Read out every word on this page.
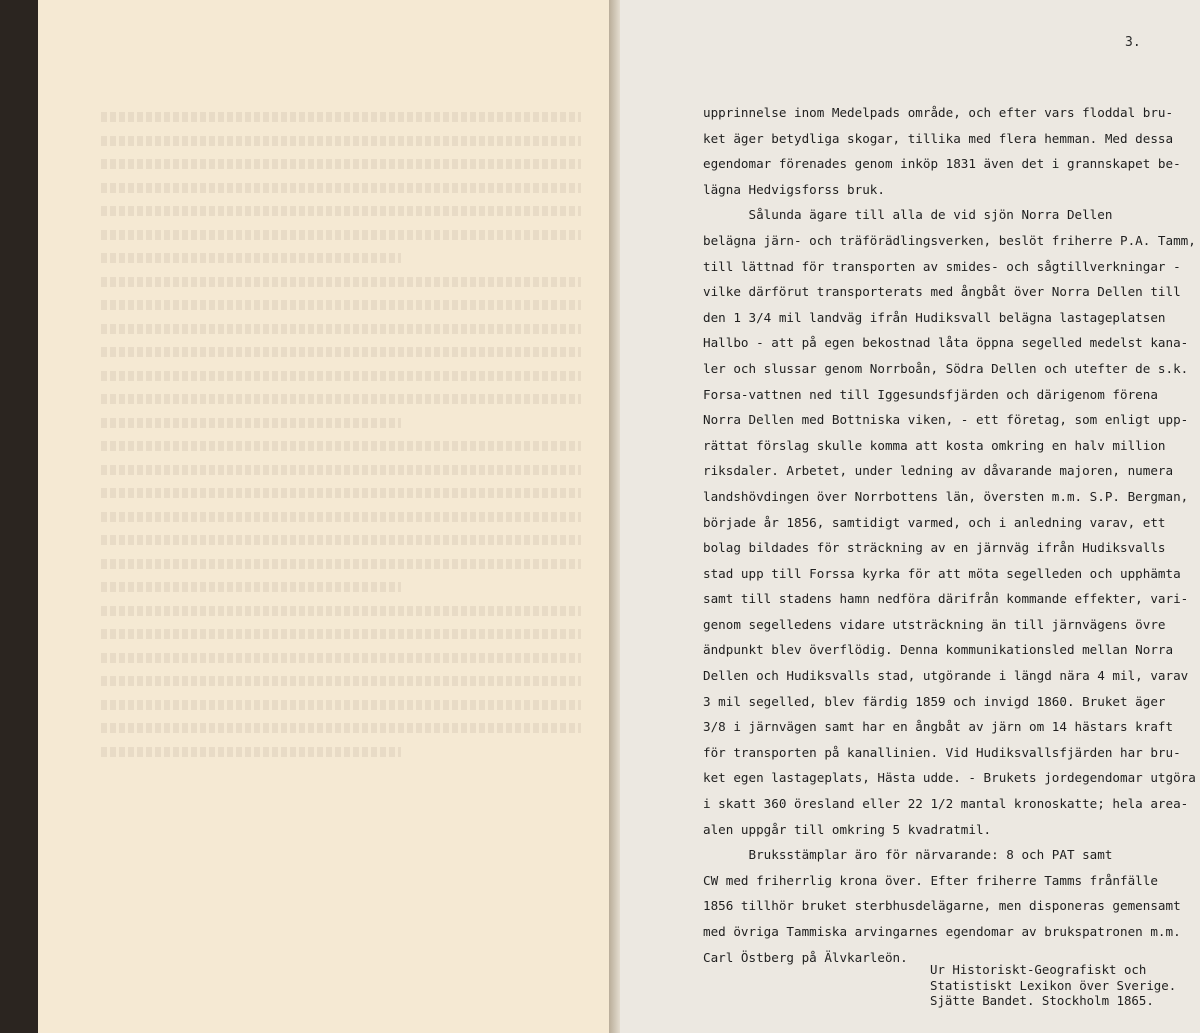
3.
upprinnelse inom Medelpads område, och efter vars floddal bru-
ket äger betydliga skogar, tillika med flera hemman. Med dessa
egendomar förenades genom inköp 1831 även det i grannskapet be-
lägna Hedvigsforss bruk.
Sålunda ägare till alla de vid sjön Norra Dellen
belägna järn- och träförädlingsverken, beslöt friherre P.A. Tamm,
till lättnad för transporten av smides- och sågtillverkningar -
vilke därförut transporterats med ångbåt över Norra Dellen till
den 1 3/4 mil landväg ifrån Hudiksvall belägna lastageplatsen
Hallbo - att på egen bekostnad låta öppna segelled medelst kana-
ler och slussar genom Norrboån, Södra Dellen och utefter de s.k.
Forsa-vattnen ned till Iggesundsfjärden och därigenom förena
Norra Dellen med Bottniska viken, - ett företag, som enligt upp-
rättat förslag skulle komma att kosta omkring en halv million
riksdaler. Arbetet, under ledning av dåvarande majoren, numera
landshövdingen över Norrbottens län, översten m.m. S.P. Bergman,
började år 1856, samtidigt varmed, och i anledning varav, ett
bolag bildades för sträckning av en järnväg ifrån Hudiksvalls
stad upp till Forssa kyrka för att möta segelleden och upphämta
samt till stadens hamn nedföra därifrån kommande effekter, vari-
genom segelledens vidare utsträckning än till järnvägens övre
ändpunkt blev överflödig. Denna kommunikationsled mellan Norra
Dellen och Hudiksvalls stad, utgörande i längd nära 4 mil, varav
3 mil segelled, blev färdig 1859 och invigd 1860. Bruket äger
3/8 i järnvägen samt har en ångbåt av järn om 14 hästars kraft
för transporten på kanallinien. Vid Hudiksvallsfjärden har bru-
ket egen lastageplats, Hästa udde. - Brukets jordegendomar utgöra
i skatt 360 öresland eller 22 1/2 mantal kronoskatte; hela area-
alen uppgår till omkring 5 kvadratmil.
Bruksstämplar äro för närvarande: 8 och PAT samt
CW med friherrlig krona över. Efter friherre Tamms frånfälle
1856 tillhör bruket sterbhusdelägarne, men disponeras gemensamt
med övriga Tammiska arvingarnes egendomar av brukspatronen m.m.
Carl Östberg på Älvkarleön.
Ur Historiskt-Geografiskt och
Statistiskt Lexikon över Sverige.
Sjätte Bandet. Stockholm 1865.
